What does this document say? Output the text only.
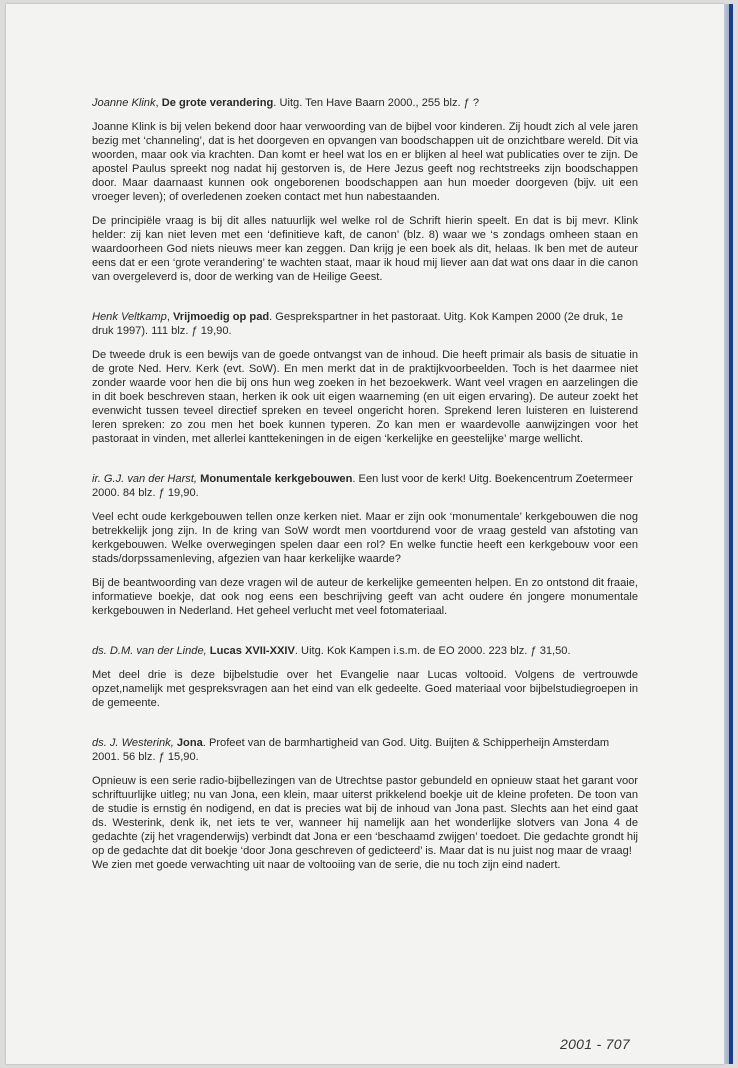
Joanne Klink, De grote verandering. Uitg. Ten Have Baarn 2000., 255 blz. ƒ ?

Joanne Klink is bij velen bekend door haar verwoording van de bijbel voor kinderen. Zij houdt zich al vele jaren bezig met ‘channeling’, dat is het doorgeven en opvangen van boodschappen uit de onzichtbare wereld. Dit via woorden, maar ook via krachten. Dan komt er heel wat los en er blijken al heel wat publicaties over te zijn. De apostel Paulus spreekt nog nadat hij gestorven is, de Here Jezus geeft nog rechtstreeks zijn boodschappen door. Maar daarnaast kunnen ook ongeborenen boodschappen aan hun moeder doorgeven (bijv. uit een vroeger leven); of overledenen zoeken contact met hun nabestaanden.

De principiële vraag is bij dit alles natuurlijk wel welke rol de Schrift hierin speelt. En dat is bij mevr. Klink helder: zij kan niet leven met een ‘definitieve kaft, de canon’ (blz. 8) waar we ‘s zondags omheen staan en waardoorheen God niets nieuws meer kan zeggen. Dan krijg je een boek als dit, helaas. Ik ben met de auteur eens dat er een ‘grote verandering’ te wachten staat, maar ik houd mij liever aan dat wat ons daar in die canon van overgeleverd is, door de werking van de Heilige Geest.

Henk Veltkamp, Vrijmoedig op pad. Gesprekspartner in het pastoraat. Uitg. Kok Kampen 2000 (2e druk, 1e druk 1997). 111 blz. ƒ 19,90.

De tweede druk is een bewijs van de goede ontvangst van de inhoud. Die heeft primair als basis de situatie in de grote Ned. Herv. Kerk (evt. SoW). En men merkt dat in de praktijkvoorbeelden. Toch is het daarmee niet zonder waarde voor hen die bij ons hun weg zoeken in het bezoekwerk. Want veel vragen en aarzelingen die in dit boek beschreven staan, herken ik ook uit eigen waarneming (en uit eigen ervaring). De auteur zoekt het evenwicht tussen teveel directief spreken en teveel ongericht horen. Sprekend leren luisteren en luisterend leren spreken: zo zou men het boek kunnen typeren. Zo kan men er waardevolle aanwijzingen voor het pastoraat in vinden, met allerlei kanttekeningen in de eigen ‘kerkelijke en geestelijke’ marge wellicht.

ir. G.J. van der Harst, Monumentale kerkgebouwen. Een lust voor de kerk! Uitg. Boekencentrum Zoetermeer 2000. 84 blz. ƒ 19,90.

Veel echt oude kerkgebouwen tellen onze kerken niet. Maar er zijn ook ‘monumentale’ kerkgebouwen die nog betrekkelijk jong zijn. In de kring van SoW wordt men voortdurend voor de vraag gesteld van afstoting van kerkgebouwen. Welke overwegingen spelen daar een rol? En welke functie heeft een kerkgebouw voor een stads/dorpssamenleving, afgezien van haar kerkelijke waarde?

Bij de beantwoording van deze vragen wil de auteur de kerkelijke gemeenten helpen. En zo ontstond dit fraaie, informatieve boekje, dat ook nog eens een beschrijving geeft van acht oudere én jongere monumentale kerkgebouwen in Nederland. Het geheel verlucht met veel fotomateriaal.

ds. D.M. van der Linde, Lucas XVII-XXIV. Uitg. Kok Kampen i.s.m. de EO 2000. 223 blz. ƒ 31,50.

Met deel drie is deze bijbelstudie over het Evangelie naar Lucas voltooid. Volgens de vertrouwde opzet,namelijk met gespreksvragen aan het eind van elk gedeelte. Goed materiaal voor bijbelstudiegroepen in de gemeente.

ds. J. Westerink, Jona. Profeet van de barmhartigheid van God. Uitg. Buijten & Schipperheijn Amsterdam 2001. 56 blz. ƒ 15,90.

Opnieuw is een serie radio-bijbellezingen van de Utrechtse pastor gebundeld en opnieuw staat het garant voor schriftuurlijke uitleg; nu van Jona, een klein, maar uiterst prikkelend boekje uit de kleine profeten. De toon van de studie is ernstig én nodigend, en dat is precies wat bij de inhoud van Jona past. Slechts aan het eind gaat ds. Westerink, denk ik, net iets te ver, wanneer hij namelijk aan het wonderlijke slotvers van Jona 4 de gedachte (zij het vragenderwijs) verbindt dat Jona er een ‘beschaamd zwijgen’ toedoet. Die gedachte grondt hij op de gedachte dat dit boekje ‘door Jona geschreven of gedicteerd’ is. Maar dat is nu juist nog maar de vraag!

We zien met goede verwachting uit naar de voltooiing van de serie, die nu toch zijn eind nadert.

2001 - 707
